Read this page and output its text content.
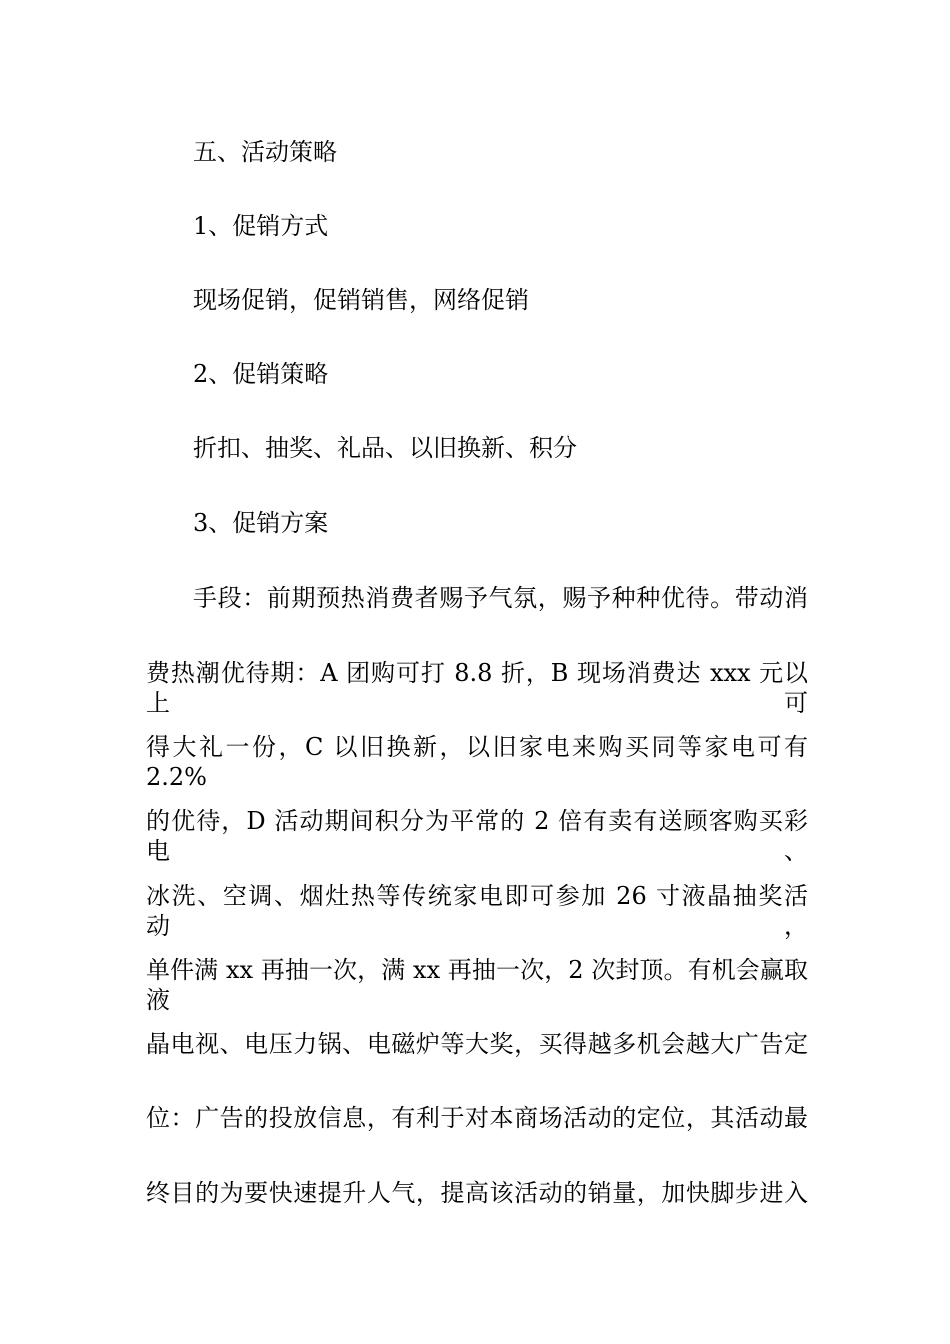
五、活动策略

1、促销方式

现场促销，促销销售，网络促销

2、促销策略

折扣、抽奖、礼品、以旧换新、积分

3、促销方案

手段：前期预热消费者赐予气氛，赐予种种优待。带动消

费热潮优待期：A 团购可打 8.8 折，B 现场消费达 xxx 元以上可

得大礼一份，C 以旧换新，以旧家电来购买同等家电可有 2.2%

的优待，D 活动期间积分为平常的 2 倍有卖有送顾客购买彩电、

冰洗、空调、烟灶热等传统家电即可参加 26 寸液晶抽奖活动，

单件满 xx 再抽一次，满 xx 再抽一次，2 次封顶。有机会赢取液

晶电视、电压力锅、电磁炉等大奖，买得越多机会越大广告定

位：广告的投放信息，有利于对本商场活动的定位，其活动最

终目的为要快速提升人气，提高该活动的销量，加快脚步进入
